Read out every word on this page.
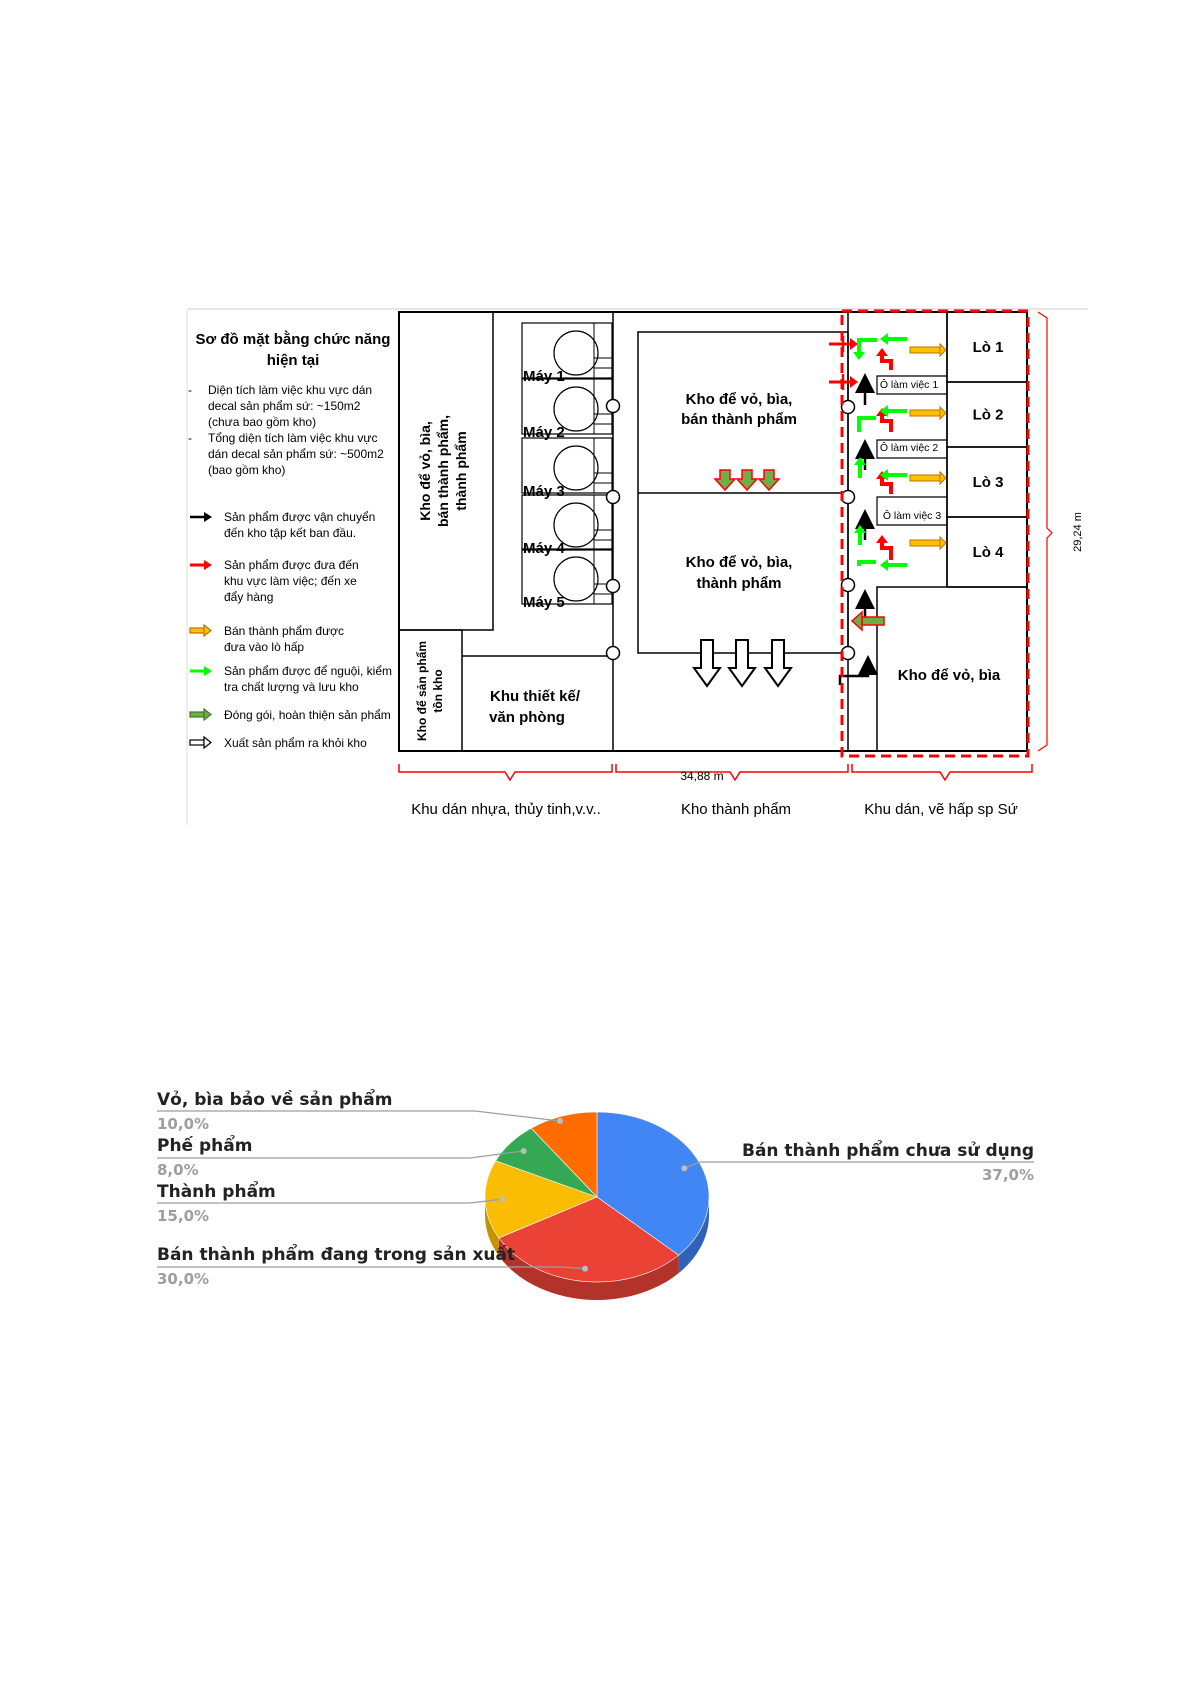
Sơ đồ mặt bằng chức năng
hiện tại
- Diện tích làm việc khu vực dán
decal sản phẩm sứ: ~150m2
(chưa bao gồm kho)
- Tổng diện tích làm việc khu vực
dán decal sản phẩm sứ: ~500m2
(bao gồm kho)
Sản phẩm được vận chuyển
đến kho tập kết ban đầu.
Sản phẩm được đưa đến
khu vực làm việc; đến xe
đẩy hàng
Bán thành phẩm được
đưa vào lò hấp
Sản phẩm được để nguội, kiểm
tra chất lượng và lưu kho
Đóng gói, hoàn thiện sản phẩm
Xuất sản phẩm ra khỏi kho
Kho để vỏ, bìa, bán thành phẩm, thành phẩm
Kho để sản phẩm tồn kho	Khu thiết kế/
văn phòng
Máy 1
Máy 2
Máy 3
Máy 4
Máy 5
Kho để vỏ, bìa,
bán thành phẩm
Kho để vỏ, bìa,
thành phẩm
Lò 1
Lò 2
Lò 3
Lò 4
Ô làm việc 1
Ô làm việc 2
Ô làm việc 3
Kho để vỏ, bìa
29,24 m
34,88 m
Khu dán nhựa, thủy tinh,v.v..	Kho thành phẩm	Khu dán, vẽ hấp sp Sứ
Bán thành phẩm chưa sử dụng
37,0%
Bán thành phẩm đang trong sản xuất
30,0%
Thành phẩm
15,0%
Phế phẩm
8,0%
Vỏ, bìa bảo về sản phẩm
10,0%
